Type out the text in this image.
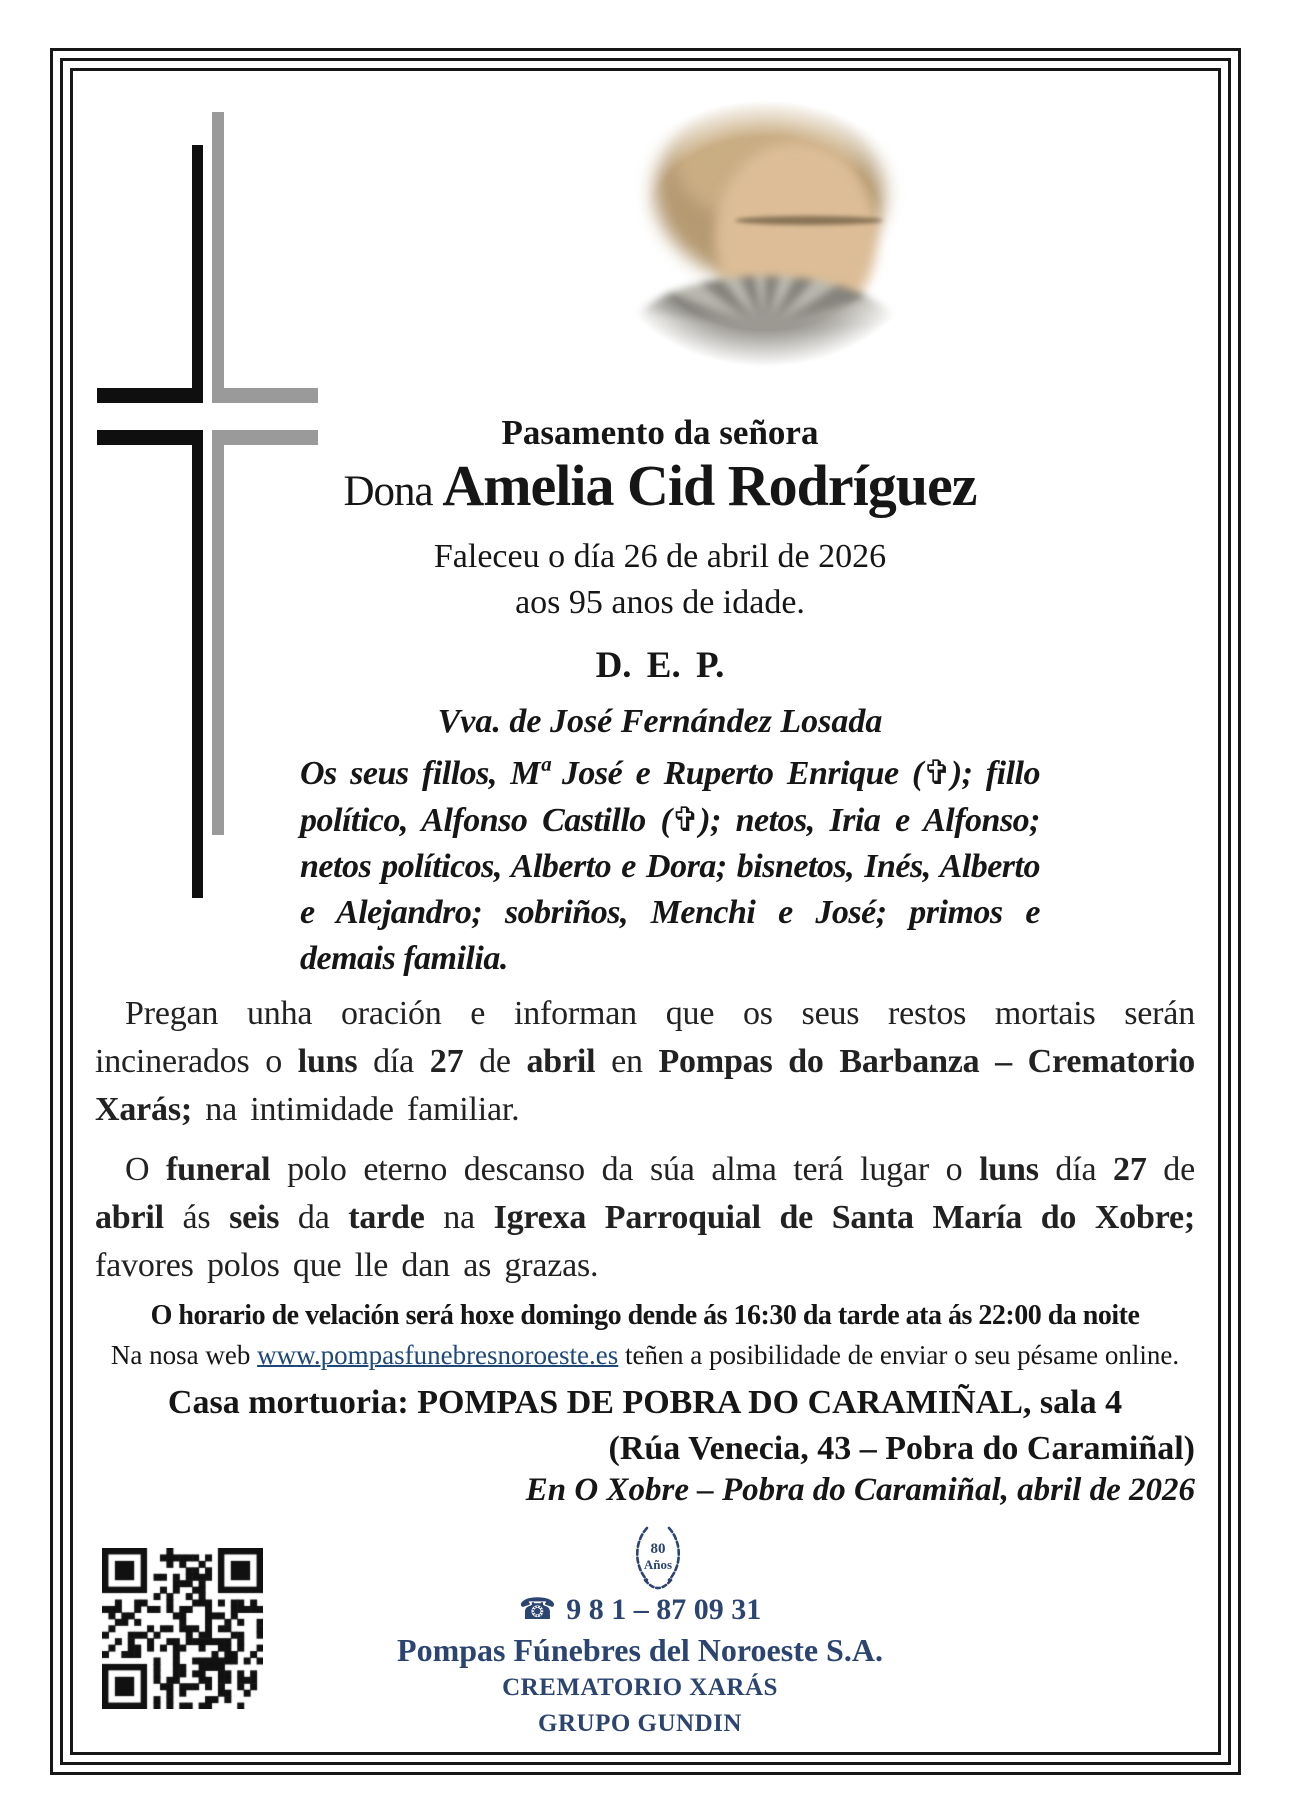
Pasamento da señora
Dona Amelia Cid Rodríguez
Faleceu o día 26 de abril de 2026
aos 95 anos de idade.
D. E. P.
Vva. de José Fernández Losada
Os seus fillos, Mª José e Ruperto Enrique (✞); fillo político, Alfonso Castillo (✞); netos, Iria e Alfonso; netos políticos, Alberto e Dora; bisnetos, Inés, Alberto e Alejandro; sobriños, Menchi e José; primos e demais familia.
Pregan unha oración e informan que os seus restos mortais serán incinerados o luns día 27 de abril en Pompas do Barbanza – Crematorio Xarás; na intimidade familiar.
O funeral polo eterno descanso da súa alma terá lugar o luns día 27 de abril ás seis da tarde na Igrexa Parroquial de Santa María do Xobre; favores polos que lle dan as grazas.
O horario de velación será hoxe domingo dende ás 16:30 da tarde ata ás 22:00 da noite
Na nosa web www.pompasfunebresnoroeste.es teñen a posibilidade de enviar o seu pésame online.
Casa mortuoria: POMPAS DE POBRA DO CARAMIÑAL, sala 4
(Rúa Venecia, 43 – Pobra do Caramiñal)
En O Xobre – Pobra do Caramiñal, abril de 2026
80
Años
☎ 9 8 1 – 87 09 31
Pompas Fúnebres del Noroeste S.A.
CREMATORIO XARÁS
GRUPO GUNDIN
